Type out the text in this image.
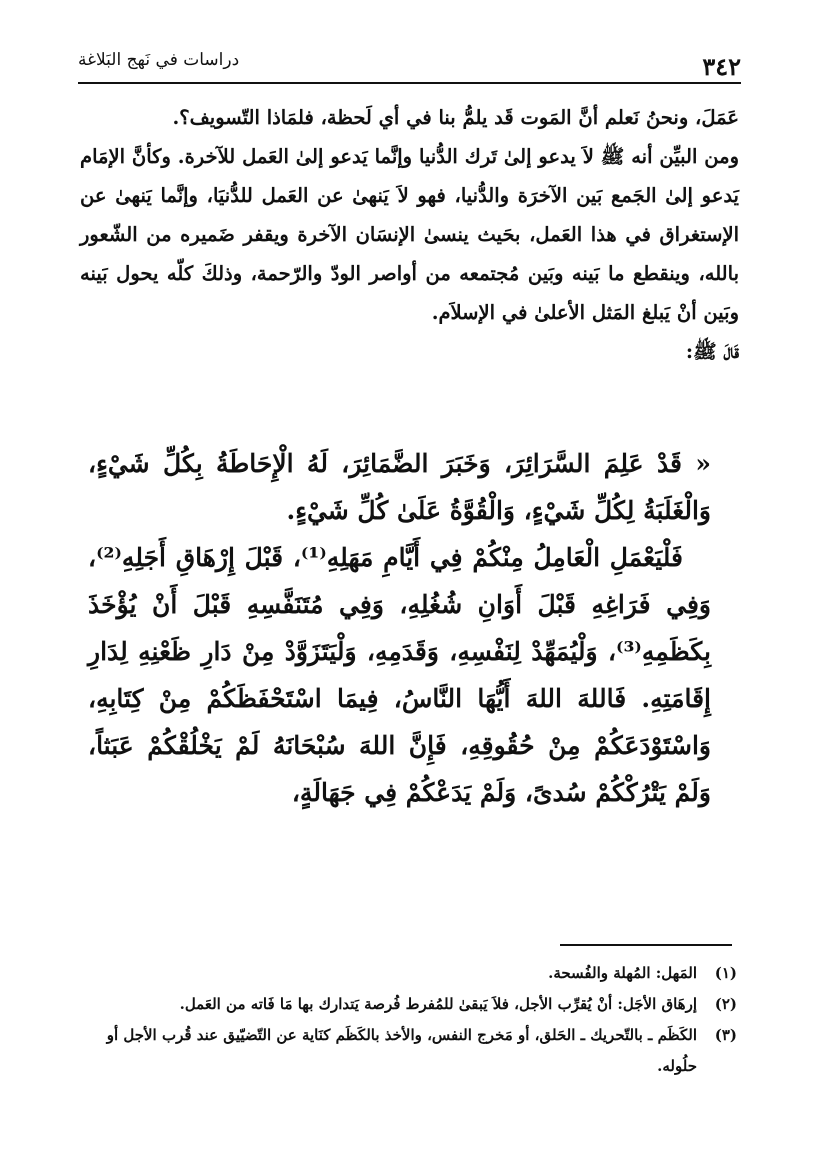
٣٤٢
دراسات في نَهج البَلاغة

عَمَلَ، ونحنُ نَعلم أنَّ المَوت قَد يلمُّ بنا في أي لَحظة، فلمَاذا التّسويف؟.

ومن البيِّن أنه ﷺ لاَ يدعو إلىٰ تَرك الدُّنيا وإنَّما يَدعو إلىٰ العَمل للآخرة. وكأنَّ الإمَام يَدعو إلىٰ الجَمع بَين الآخرَة والدُّنيا، فهو لاَ يَنهىٰ عن العَمل للدُّنيَا، وإنَّما يَنهىٰ عن الإستغراق في هذا العَمل، بحَيث ينسىٰ الإنسَان الآخرة ويقفر ضَميره من الشّعور بالله، وينقطع ما بَينه وبَين مُجتمعه من أواصر الودّ والرّحمة، وذلكَ كلّه يحول بَينه وبَين أنْ يَبلغ المَثل الأعلىٰ في الإسلاَم.

قَالَ ﷺ:

« قَدْ عَلِمَ السَّرَائِرَ، وَخَبَرَ الضَّمَائِرَ، لَهُ الْإِحَاطَةُ بِكُلِّ شَيْءٍ، وَالْغَلَبَةُ لِكُلِّ شَيْءٍ، وَالْقُوَّةُ عَلَىٰ كُلِّ شَيْءٍ.

فَلْيَعْمَلِ الْعَامِلُ مِنْكُمْ فِي أَيَّامِ مَهَلِهِ⁽¹⁾، قَبْلَ إِرْهَاقِ أَجَلِهِ⁽²⁾، وَفِي فَرَاغِهِ قَبْلَ أَوَانِ شُغُلِهِ، وَفِي مُتَنَفَّسِهِ قَبْلَ أَنْ يُؤْخَذَ بِكَظَمِهِ⁽³⁾، وَلْيُمَهِّدْ لِنَفْسِهِ، وَقَدَمِهِ، وَلْيَتَزَوَّدْ مِنْ دَارِ ظَعْنِهِ لِدَارِ إِقَامَتِهِ. فَاللهَ اللهَ أَيُّهَا النَّاسُ، فِيمَا اسْتَحْفَظَكُمْ مِنْ كِتَابِهِ، وَاسْتَوْدَعَكُمْ مِنْ حُقُوقِهِ، فَإِنَّ اللهَ سُبْحَانَهُ لَمْ يَخْلُقْكُمْ عَبَثاً، وَلَمْ يَتْرُكْكُمْ سُدىً، وَلَمْ يَدَعْكُمْ فِي جَهَالَةٍ،

(١)
المَهل: المُهلة والفُسحة.
(٢)
إرهَاق الأجَل: أنْ يُقرِّب الأجل، فلاَ يَبقىٰ للمُفرط فُرصة يَتدارك بها مَا فَاته من العَمل.
(٣)
الكَظَم ـ بالتّحريك ـ الحَلق، أو مَخرج النفس، والأخذ بالكَظَم كنَاية عن التّضيّيق عند قُرب الأجل أو حلُوله.
